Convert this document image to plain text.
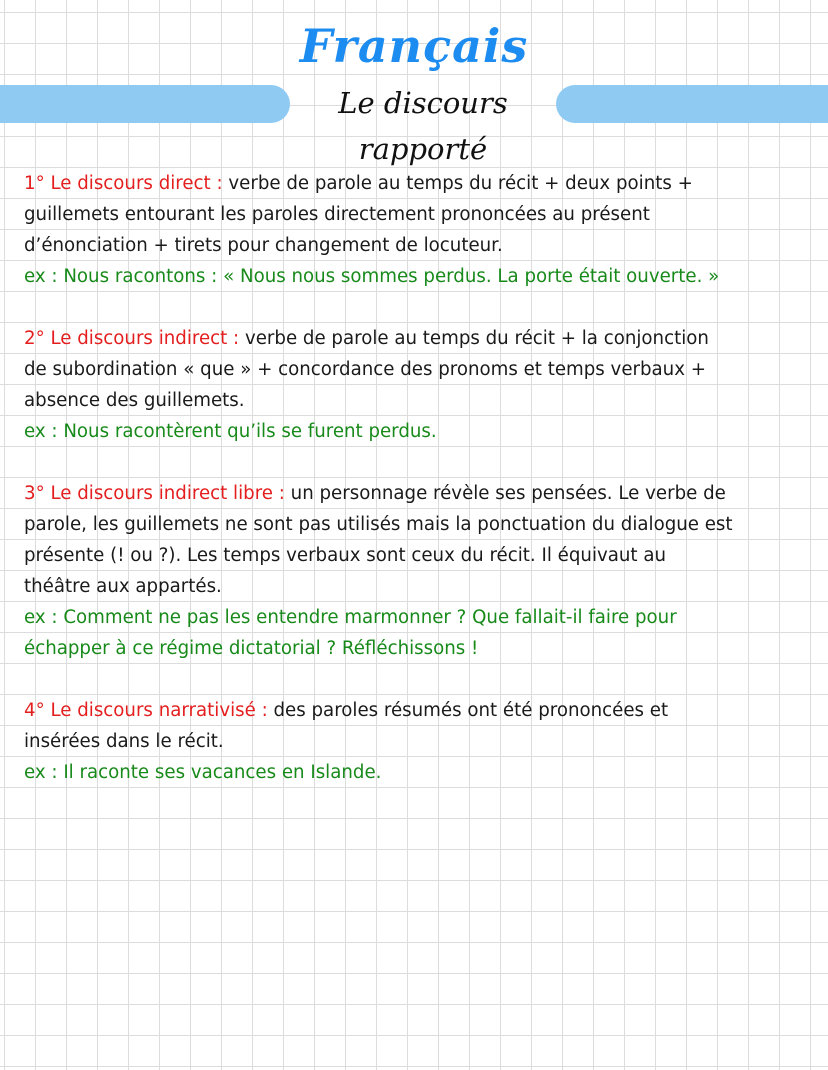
Français
Le discours rapporté
1° Le discours direct : verbe de parole au temps du récit + deux points +
guillemets entourant les paroles directement prononcées au présent
d’énonciation + tirets pour changement de locuteur.
ex : Nous racontons : « Nous nous sommes perdus. La porte était ouverte. »
2° Le discours indirect : verbe de parole au temps du récit + la conjonction
de subordination « que » + concordance des pronoms et temps verbaux +
absence des guillemets.
ex : Nous racontèrent qu’ils se furent perdus.
3° Le discours indirect libre : un personnage révèle ses pensées. Le verbe de
parole, les guillemets ne sont pas utilisés mais la ponctuation du dialogue est
présente (! ou ?). Les temps verbaux sont ceux du récit. Il équivaut au
théâtre aux appartés.
ex : Comment ne pas les entendre marmonner ? Que fallait-il faire pour
échapper à ce régime dictatorial ? Réfléchissons !
4° Le discours narrativisé : des paroles résumés ont été prononcées et
insérées dans le récit.
ex : Il raconte ses vacances en Islande.
